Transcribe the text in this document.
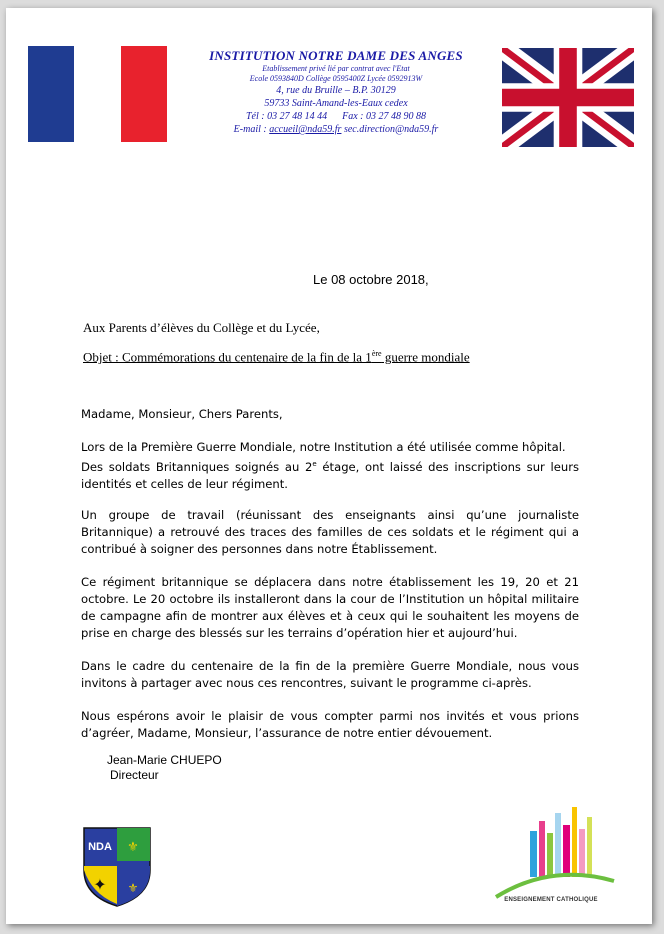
INSTITUTION NOTRE DAME DES ANGES
Etablissement privé lié par contrat avec l'Etat
Ecole 0593840D Collège 0595400Z Lycée 0592913W
4, rue du Bruille – B.P. 30129
59733 Saint-Amand-les-Eaux cedex
Tél : 03 27 48 14 44 Fax : 03 27 48 90 88
E-mail : accueil@nda59.fr sec.direction@nda59.fr
Le 08 octobre 2018,
Aux Parents d’élèves du Collège et du Lycée,
Objet : Commémorations du centenaire de la fin de la 1ère guerre mondiale

Madame, Monsieur, Chers Parents,

Lors de la Première Guerre Mondiale, notre Institution a été utilisée comme hôpital.
Des soldats Britanniques soignés au 2e étage, ont laissé des inscriptions sur leurs identités et celles de leur régiment.

Un groupe de travail (réunissant des enseignants ainsi qu’une journaliste Britannique) a retrouvé des traces des familles de ces soldats et le régiment qui a contribué à soigner des personnes dans notre Établissement.

Ce régiment britannique se déplacera dans notre établissement les 19, 20 et 21 octobre. Le 20 octobre ils installeront dans la cour de l’Institution un hôpital militaire de campagne afin de montrer aux élèves et à ceux qui le souhaitent les moyens de prise en charge des blessés sur les terrains d’opération hier et aujourd’hui.

Dans le cadre du centenaire de la fin de la première Guerre Mondiale, nous vous invitons à partager avec nous ces rencontres, suivant le programme ci-après.

Nous espérons avoir le plaisir de vous compter parmi nos invités et vous prions d’agréer, Madame, Monsieur, l’assurance de notre entier dévouement.

Jean-Marie CHUEPO
Directeur
NDA ⚜
✦ ⚜
ENSEIGNEMENT CATHOLIQUE
